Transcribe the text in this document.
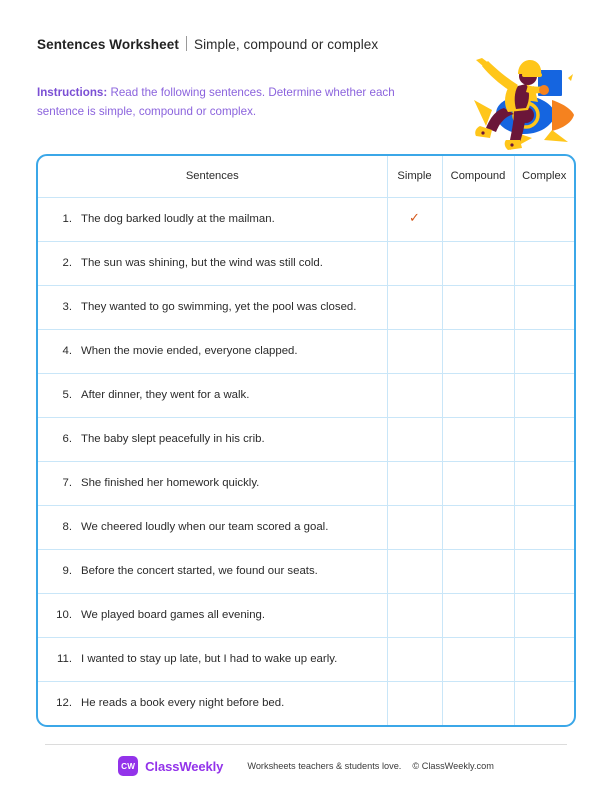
Sentences Worksheet Simple, compound or complex
Instructions: Read the following sentences. Determine whether each sentence is simple, compound or complex.
Sentences	Simple	Compound	Complex

1. The dog barked loudly at the mailman.	✓		

2. The sun was shining, but the wind was still cold.			

3. They wanted to go swimming, yet the pool was closed.			

4. When the movie ended, everyone clapped.			

5. After dinner, they went for a walk.			

6. The baby slept peacefully in his crib.			

7. She finished her homework quickly.			

8. We cheered loudly when our team scored a goal.			

9. Before the concert started, we found our seats.			

10. We played board games all evening.			

11. I wanted to stay up late, but I had to wake up early.			

12. He reads a book every night before bed.			

CW ClassWeekly	Worksheets teachers & students love. © ClassWeekly.com
